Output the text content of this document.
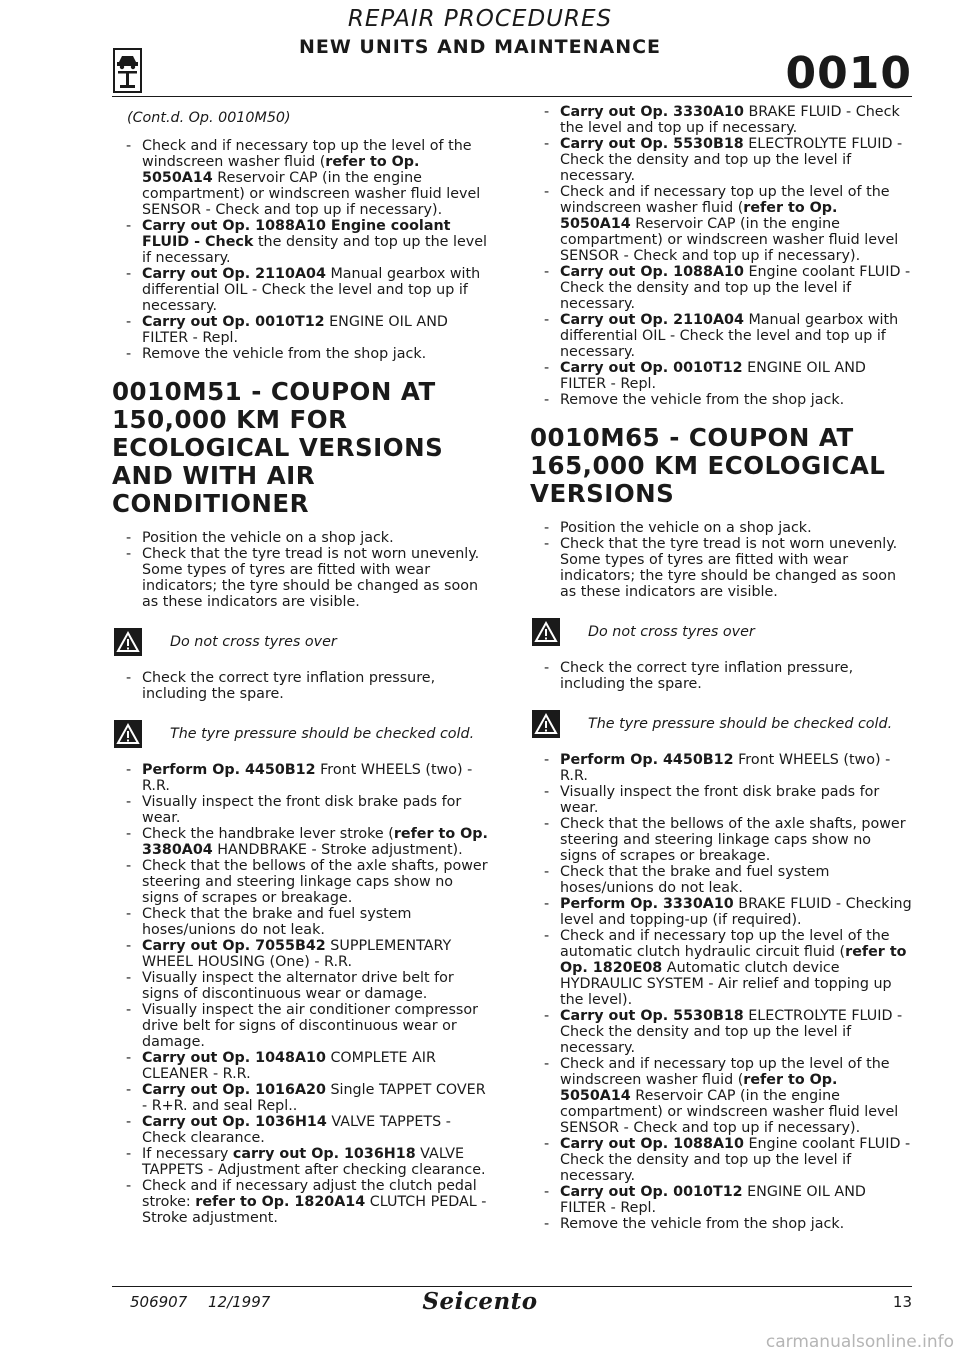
REPAIR PROCEDURES
NEW UNITS AND MAINTENANCE
0010
(Cont.d. Op. 0010M50)
- Check and if necessary top up the level of the windscreen washer fluid (refer to Op. 5050A14 Reservoir CAP (in the engine compartment) or windscreen washer fluid level SENSOR - Check and top up if necessary).
- Carry out Op. 1088A10 Engine coolant FLUID - Check the density and top up the level if necessary.
- Carry out Op. 2110A04 Manual gearbox with differential OIL - Check the level and top up if necessary.
- Carry out Op. 0010T12 ENGINE OIL AND FILTER - Repl.
- Remove the vehicle from the shop jack.
0010M51 - COUPON AT 150,000 KM FOR ECOLOGICAL VERSIONS AND WITH AIR CONDITIONER
- Position the vehicle on a shop jack.
- Check that the tyre tread is not worn unevenly. Some types of tyres are fitted with wear indicators; the tyre should be changed as soon as these indicators are visible.
Do not cross tyres over
- Check the correct tyre inflation pressure, including the spare.
The tyre pressure should be checked cold.
- Perform Op. 4450B12 Front WHEELS (two) - R.R.
- Visually inspect the front disk brake pads for wear.
- Check the handbrake lever stroke (refer to Op. 3380A04 HANDBRAKE - Stroke adjustment).
- Check that the bellows of the axle shafts, power steering and steering linkage caps show no signs of scrapes or breakage.
- Check that the brake and fuel system hoses/unions do not leak.
- Carry out Op. 7055B42 SUPPLEMENTARY WHEEL HOUSING (One) - R.R.
- Visually inspect the alternator drive belt for signs of discontinuous wear or damage.
- Visually inspect the air conditioner compressor drive belt for signs of discontinuous wear or damage.
- Carry out Op. 1048A10 COMPLETE AIR CLEANER - R.R.
- Carry out Op. 1016A20 Single TAPPET COVER - R+R. and seal Repl..
- Carry out Op. 1036H14 VALVE TAPPETS - Check clearance.
- If necessary carry out Op. 1036H18 VALVE TAPPETS - Adjustment after checking clearance.
- Check and if necessary adjust the clutch pedal stroke: refer to Op. 1820A14 CLUTCH PEDAL - Stroke adjustment.
- Carry out Op. 3330A10 BRAKE FLUID - Check the level and top up if necessary.
- Carry out Op. 5530B18 ELECTROLYTE FLUID - Check the density and top up the level if necessary.
- Check and if necessary top up the level of the windscreen washer fluid (refer to Op. 5050A14 Reservoir CAP (in the engine compartment) or windscreen washer fluid level SENSOR - Check and top up if necessary).
- Carry out Op. 1088A10 Engine coolant FLUID - Check the density and top up the level if necessary.
- Carry out Op. 2110A04 Manual gearbox with differential OIL - Check the level and top up if necessary.
- Carry out Op. 0010T12 ENGINE OIL AND FILTER - Repl.
- Remove the vehicle from the shop jack.
0010M65 - COUPON AT 165,000 KM ECOLOGICAL VERSIONS
- Position the vehicle on a shop jack.
- Check that the tyre tread is not worn unevenly. Some types of tyres are fitted with wear indicators; the tyre should be changed as soon as these indicators are visible.
Do not cross tyres over
- Check the correct tyre inflation pressure, including the spare.
The tyre pressure should be checked cold.
- Perform Op. 4450B12 Front WHEELS (two) - R.R.
- Visually inspect the front disk brake pads for wear.
- Check that the bellows of the axle shafts, power steering and steering linkage caps show no signs of scrapes or breakage.
- Check that the brake and fuel system hoses/unions do not leak.
- Perform Op. 3330A10 BRAKE FLUID - Checking level and topping-up (if required).
- Check and if necessary top up the level of the automatic clutch hydraulic circuit fluid (refer to Op. 1820E08 Automatic clutch device HYDRAULIC SYSTEM - Air relief and topping up the level).
- Carry out Op. 5530B18 ELECTROLYTE FLUID - Check the density and top up the level if necessary.
- Check and if necessary top up the level of the windscreen washer fluid (refer to Op. 5050A14 Reservoir CAP (in the engine compartment) or windscreen washer fluid level SENSOR - Check and top up if necessary).
- Carry out Op. 1088A10 Engine coolant FLUID - Check the density and top up the level if necessary.
- Carry out Op. 0010T12 ENGINE OIL AND FILTER - Repl.
- Remove the vehicle from the shop jack.
506907 12/1997	Seicento	13
carmanualsonline.info
